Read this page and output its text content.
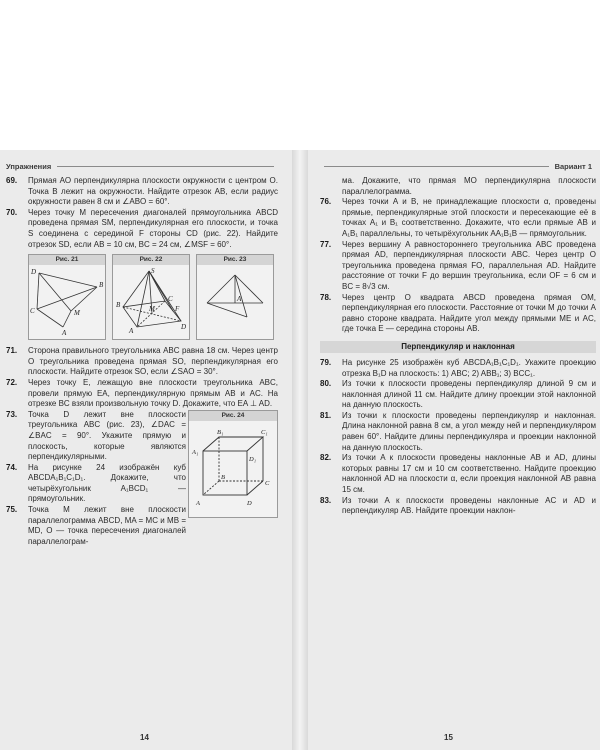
Упражнения
69.	Прямая AO перпендикулярна плоскости окружности с центром O. Точка B лежит на окружности. Найдите отрезок AB, если радиус окружности равен 8 см и ∠ABO = 60°.
70.	Через точку M пересечения диагоналей прямоугольника ABCD проведена прямая SM, перпендикулярная его плоскости, и точка S соединена с серединой F стороны CD (рис. 22). Найдите отрезок SD, если AB = 10 см, BC = 24 см, ∠MSF = 60°.
Рис. 21
D
B
C	M
A
Рис. 22
S
B
C
M	F
A	D
Рис. 23
A
71.	Сторона правильного треугольника ABC равна 18 см. Через центр O треугольника проведена прямая SO, перпендикулярная его плоскости. Найдите отрезок SO, если ∠SAO = 30°.
72.	Через точку E, лежащую вне плоскости треугольника ABC, провели прямую EA, перпендикулярную прямым AB и AC. На отрезке BC взяли произвольную точку D. Докажите, что EA ⊥ AD.
Рис. 24
B₁	C₁
A₁
D₁
B
C
A	D
73.	Точка D лежит вне плоскости треугольника ABC (рис. 23), ∠DAC = ∠BAC = 90°. Укажите прямую и плоскость, которые являются перпендикулярными.
74.	На рисунке 24 изображён куб ABCDA₁B₁C₁D₁. Докажите, что четырёхугольник A₁BCD₁ — прямоугольник.
75.	Точка M лежит вне плоскости параллелограмма ABCD, MA = MC и MB = MD, O — точка пересечения диагоналей параллелограм-
14
Вариант 1
ма. Докажите, что прямая MO перпендикулярна плоскости параллелограмма.
76.	Через точки A и B, не принадлежащие плоскости α, проведены прямые, перпендикулярные этой плоскости и пересекающие её в точках A₁ и B₁ соответственно. Докажите, что если прямые AB и A₁B₁ параллельны, то четырёхугольник AA₁B₁B — прямоугольник.
77.	Через вершину A равностороннего треугольника ABC проведена прямая AD, перпендикулярная плоскости ABC. Через центр O треугольника проведена прямая FO, параллельная AD. Найдите расстояние от точки F до вершин треугольника, если OF = 6 см и BC = 8√3 см.
78.	Через центр O квадрата ABCD проведена прямая OM, перпендикулярная его плоскости. Расстояние от точки M до точки A равно стороне квадрата. Найдите угол между прямыми ME и AC, где точка E — середина стороны AB.
Перпендикуляр и наклонная
79.	На рисунке 25 изображён куб ABCDA₁B₁C₁D₁. Укажите проекцию отрезка B₁D на плоскость: 1) ABC; 2) ABB₁; 3) BCC₁.
80.	Из точки к плоскости проведены перпендикуляр длиной 9 см и наклонная длиной 11 см. Найдите длину проекции этой наклонной на данную плоскость.
81.	Из точки к плоскости проведены перпендикуляр и наклонная. Длина наклонной равна 8 см, а угол между ней и перпендикуляром равен 60°. Найдите длины перпендикуляра и проекции наклонной на данную плоскость.
82.	Из точки A к плоскости проведены наклонные AB и AD, длины которых равны 17 см и 10 см соответственно. Найдите проекцию наклонной AD на плоскости α, если проекция наклонной AB равна 15 см.
83.	Из точки A к плоскости проведены наклонные AC и AD и перпендикуляр AB. Найдите проекции наклон-
15
